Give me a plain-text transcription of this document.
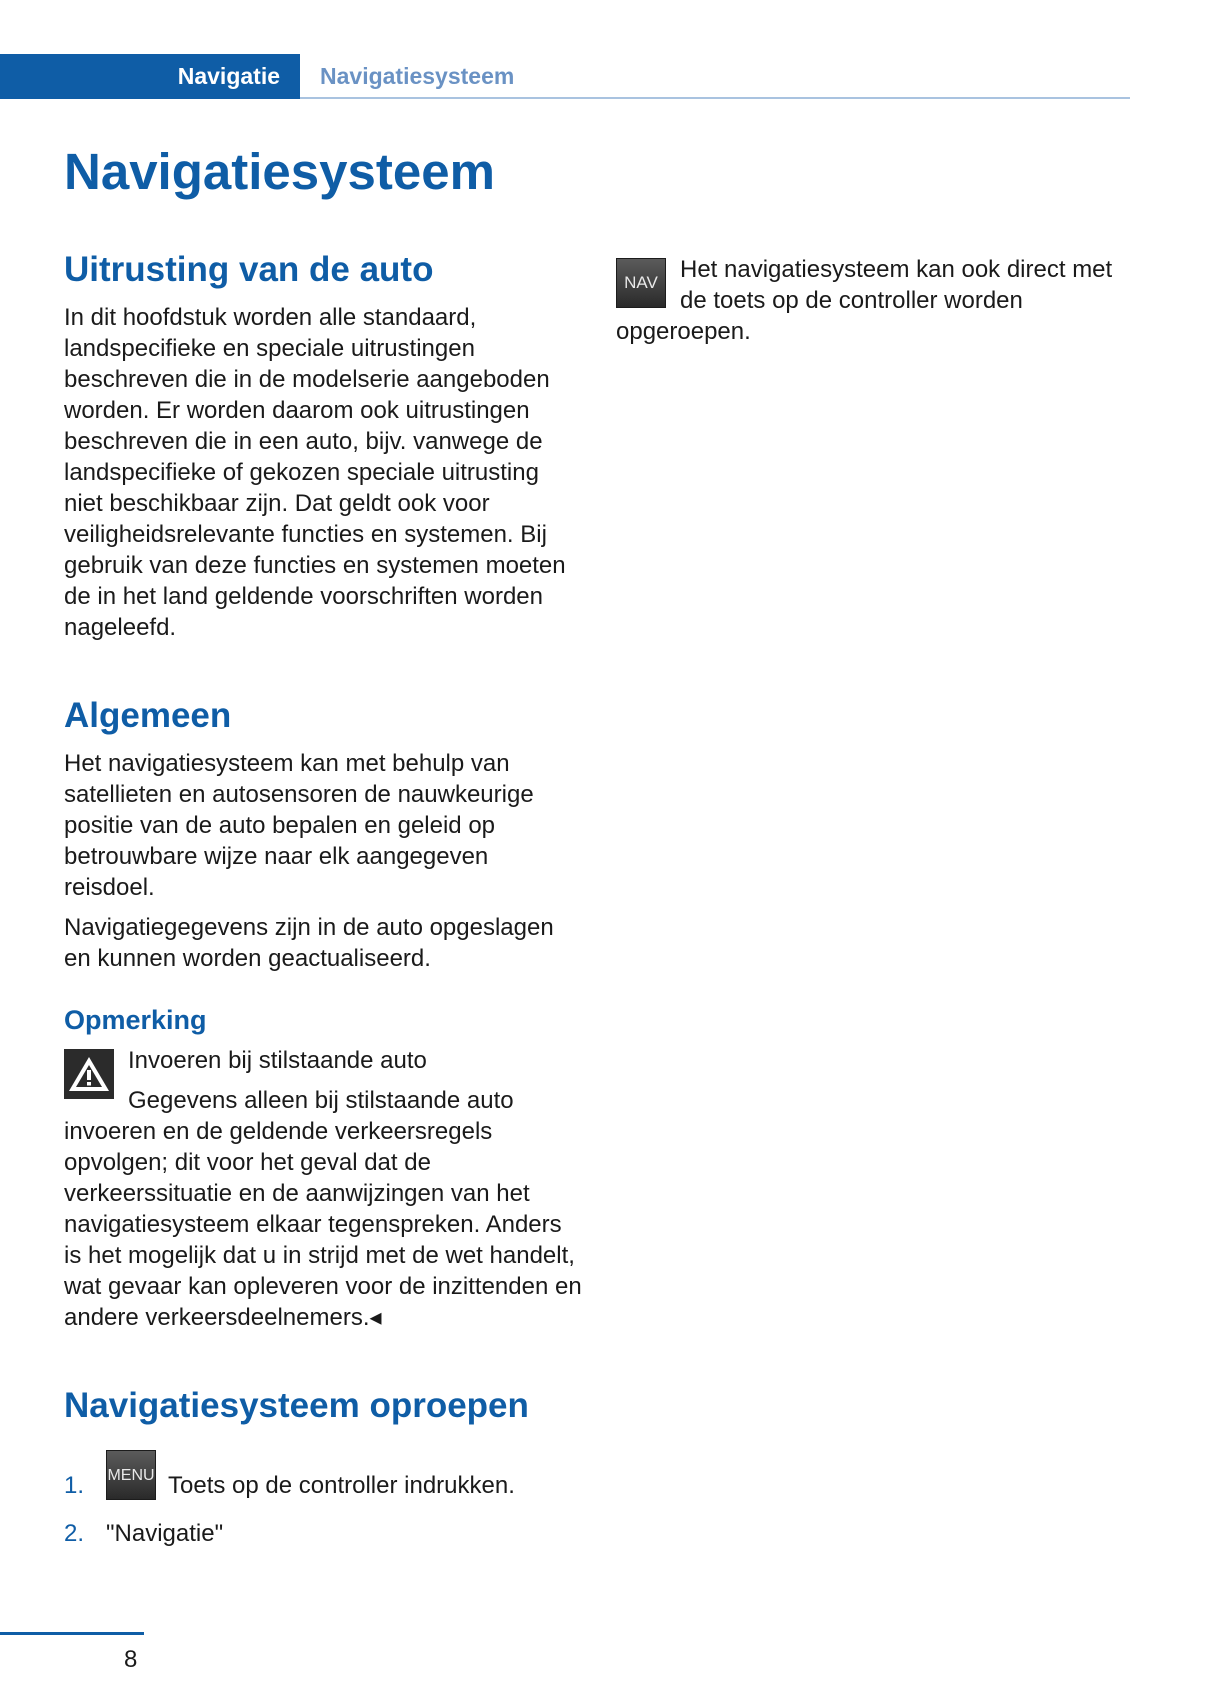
Navigatie Navigatiesysteem
Navigatiesysteem
Uitrusting van de auto

In dit hoofdstuk worden alle standaard, landspecifieke en speciale uitrustingen beschreven die in de modelserie aangeboden worden. Er worden daarom ook uitrustingen beschreven die in een auto, bijv. vanwege de landspecifieke of gekozen speciale uitrusting niet beschikbaar zijn. Dat geldt ook voor veiligheidsrelevante functies en systemen. Bij gebruik van deze functies en systemen moeten de in het land geldende voorschriften worden nageleefd.

Algemeen

Het navigatiesysteem kan met behulp van satellieten en autosensoren de nauwkeurige positie van de auto bepalen en geleid op betrouwbare wijze naar elk aangegeven reisdoel.

Navigatiegegevens zijn in de auto opgeslagen en kunnen worden geactualiseerd.

Opmerking

Invoeren bij stilstaande auto

Gegevens alleen bij stilstaande auto invoeren en de geldende verkeersregels opvolgen; dit voor het geval dat de verkeerssituatie en de aanwijzingen van het navigatiesysteem elkaar tegenspreken. Anders is het mogelijk dat u in strijd met de wet handelt, wat gevaar kan opleveren voor de inzittenden en andere verkeersdeelnemers.◂

Navigatiesysteem oproepen
1.	MENU Toets op de controller indrukken.
2. "Navigatie"
NAV Het navigatiesysteem kan ook direct met de toets op de controller worden opgeroepen.

8
